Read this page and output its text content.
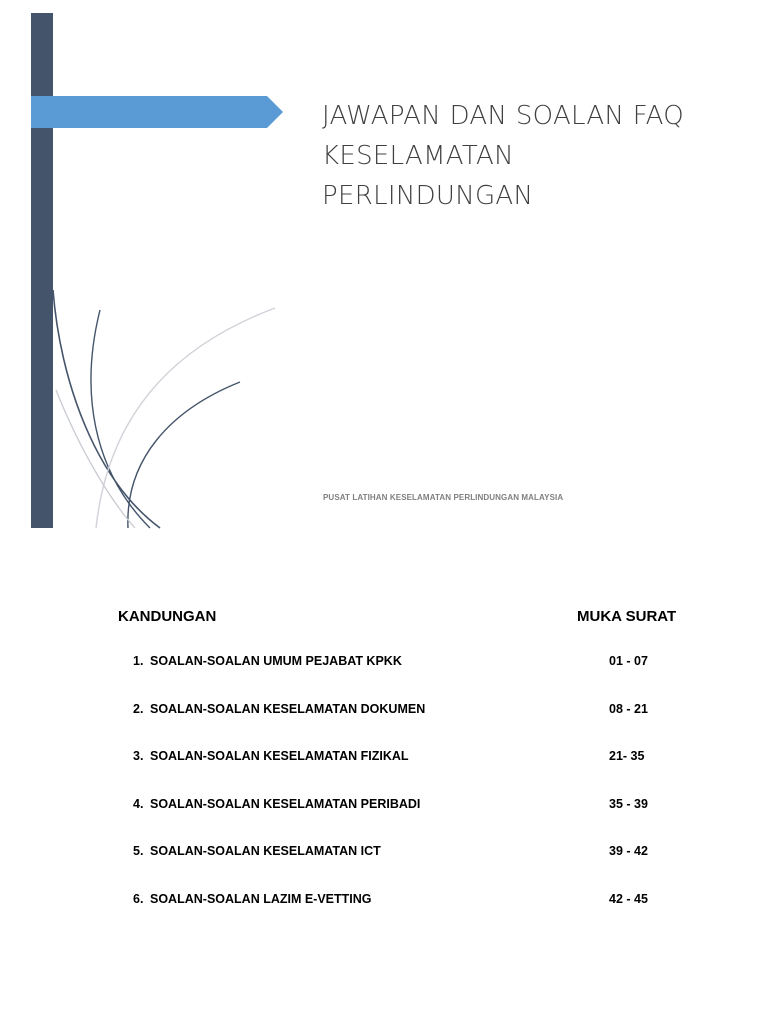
JAWAPAN DAN SOALAN FAQ
KESELAMATAN
PERLINDUNGAN
PUSAT LATIHAN KESELAMATAN PERLINDUNGAN MALAYSIA
KANDUNGAN	MUKA SURAT
1. SOALAN-SOALAN UMUM PEJABAT KPKK	01 - 07
2. SOALAN-SOALAN KESELAMATAN DOKUMEN	08 - 21
3. SOALAN-SOALAN KESELAMATAN FIZIKAL	21- 35
4. SOALAN-SOALAN KESELAMATAN PERIBADI	35 - 39
5. SOALAN-SOALAN KESELAMATAN ICT	39 - 42
6. SOALAN-SOALAN LAZIM E-VETTING	42 - 45
